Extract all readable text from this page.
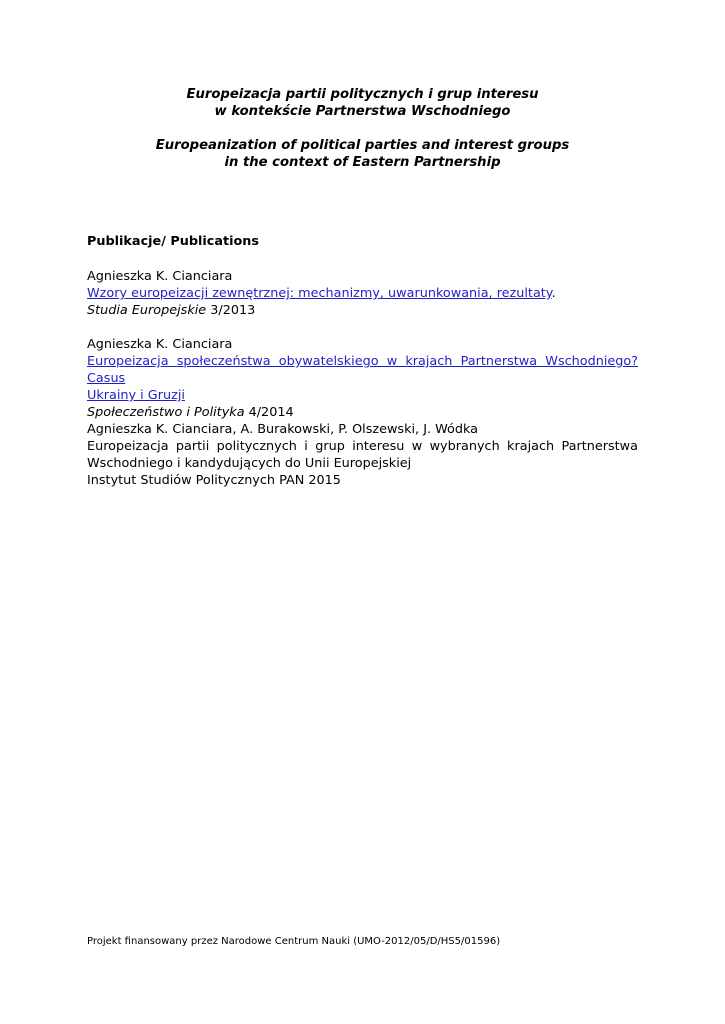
Europeizacja partii politycznych i grup interesu
w kontekście Partnerstwa Wschodniego
Europeanization of political parties and interest groups
in the context of Eastern Partnership
Publikacje/ Publications
Agnieszka K. Cianciara
Wzory europeizacji zewnętrznej: mechanizmy, uwarunkowania, rezultaty.
Studia Europejskie 3/2013
Agnieszka K. Cianciara
Europeizacja społeczeństwa obywatelskiego w krajach Partnerstwa Wschodniego? Casus
Ukrainy i Gruzji
Społeczeństwo i Polityka 4/2014
Agnieszka K. Cianciara, A. Burakowski, P. Olszewski, J. Wódka
Europeizacja partii politycznych i grup interesu w wybranych krajach Partnerstwa
Wschodniego i kandydujących do Unii Europejskiej
Instytut Studiów Politycznych PAN 2015
Projekt finansowany przez Narodowe Centrum Nauki (UMO-2012/05/D/HS5/01596)
